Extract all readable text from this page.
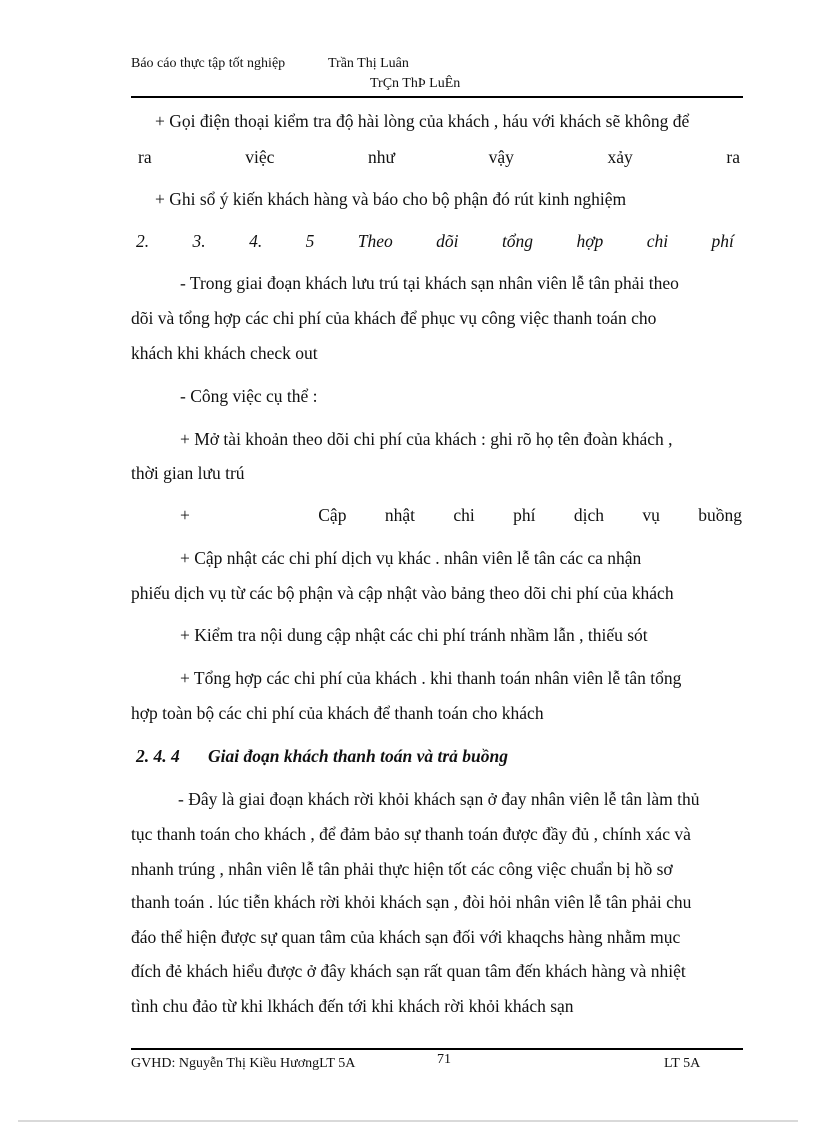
Báo cáo thực tập tốt nghiệp	Trần Thị Luân
TrÇn ThÞ LuÊn
+ Gọi điện thoại kiểm tra độ hài lòng của khách , háu với khách sẽ không để
ra	việc	như	vậy	xảy	ra
+ Ghi sổ ý kiến khách hàng và báo cho bộ phận đó rút kinh nghiệm
2. 3. 4. 5 Theo dõi tổng hợp chi phí
- Trong giai đoạn khách lưu trú tại khách sạn nhân viên lễ tân phải theo
dõi và tổng hợp các chi phí của khách để phục vụ công việc thanh toán cho
khách khi khách check out
- Công việc cụ thể :
+ Mở tài khoản theo dõi chi phí của khách : ghi rõ họ tên đoàn khách ,
thời gian lưu trú
+	Cập nhật chi phí dịch vụ buồng
+ Cập nhật các chi phí dịch vụ khác . nhân viên lễ tân các ca nhận
phiếu dịch vụ từ các bộ phận và cập nhật vào bảng theo dõi chi phí của khách
+ Kiểm tra nội dung cập nhật các chi phí tránh nhầm lẫn , thiếu sót
+ Tổng hợp các chi phí của khách . khi thanh toán nhân viên lễ tân tổng
hợp toàn bộ các chi phí của khách để thanh toán cho khách
2. 4. 4 Giai đoạn khách thanh toán và trả buồng
- Đây là giai đoạn khách rời khỏi khách sạn ở đay nhân viên lễ tân làm thủ
tục thanh toán cho khách , để đảm bảo sự thanh toán được đầy đủ , chính xác và
nhanh trúng , nhân viên lễ tân phải thực hiện tốt các công việc chuẩn bị hồ sơ
thanh toán . lúc tiễn khách rời khỏi khách sạn , đòi hỏi nhân viên lễ tân phải chu
đáo thể hiện được sự quan tâm của khách sạn đối với khaqchs hàng nhằm mục
đích đẻ khách hiểu được ở đây khách sạn rất quan tâm đến khách hàng và nhiệt
tình chu đảo từ khi lkhách đến tới khi khách rời khỏi khách sạn
GVHD: Nguyễn Thị Kiều HươngLT 5A	71	LT 5A
